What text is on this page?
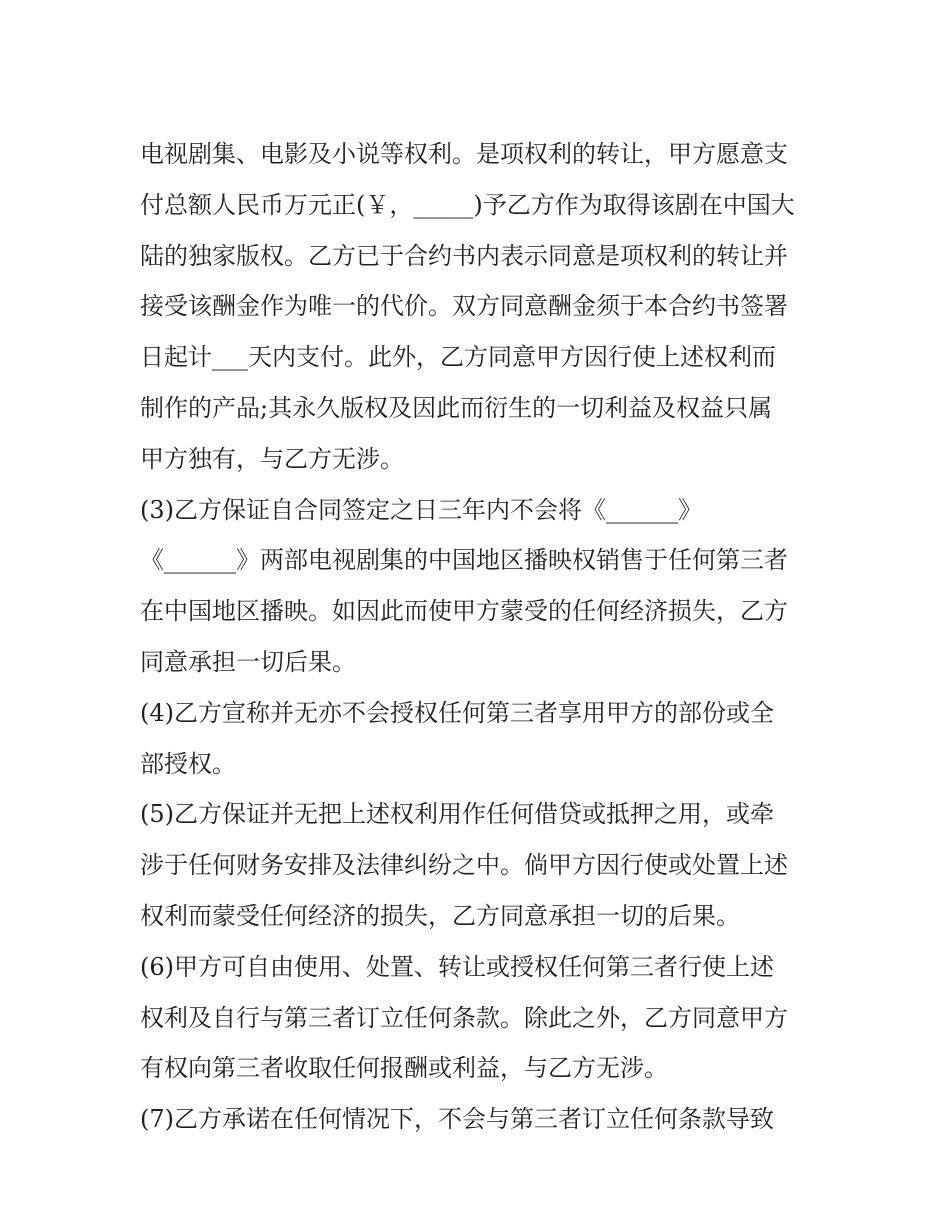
电视剧集、电影及小说等权利。是项权利的转让，甲方愿意支
付总额人民币万元正(￥，_____)予乙方作为取得该剧在中国大
陆的独家版权。乙方已于合约书内表示同意是项权利的转让并
接受该酬金作为唯一的代价。双方同意酬金须于本合约书签署
日起计___天内支付。此外，乙方同意甲方因行使上述权利而
制作的产品;其永久版权及因此而衍生的一切利益及权益只属
甲方独有，与乙方无涉。
(3)乙方保证自合同签定之日三年内不会将《______》
《______》两部电视剧集的中国地区播映权销售于任何第三者
在中国地区播映。如因此而使甲方蒙受的任何经济损失，乙方
同意承担一切后果。
(4)乙方宣称并无亦不会授权任何第三者享用甲方的部份或全
部授权。
(5)乙方保证并无把上述权利用作任何借贷或抵押之用，或牵
涉于任何财务安排及法律纠纷之中。倘甲方因行使或处置上述
权利而蒙受任何经济的损失，乙方同意承担一切的后果。
(6)甲方可自由使用、处置、转让或授权任何第三者行使上述
权利及自行与第三者订立任何条款。除此之外，乙方同意甲方
有权向第三者收取任何报酬或利益，与乙方无涉。
(7)乙方承诺在任何情况下，不会与第三者订立任何条款导致
